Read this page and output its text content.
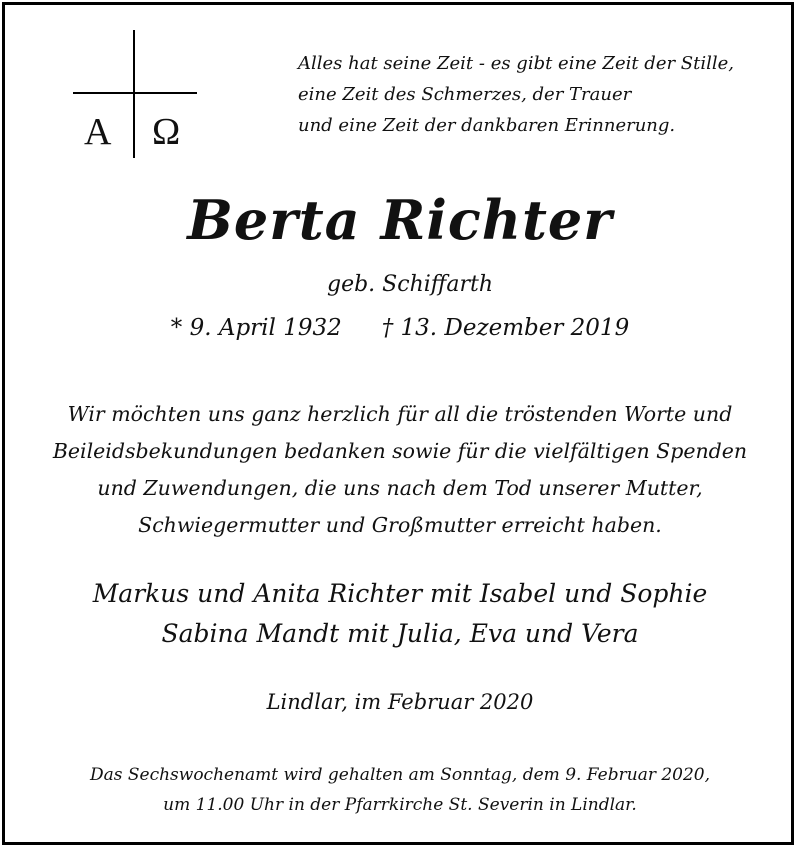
Α Ω
Alles hat seine Zeit - es gibt eine Zeit der Stille,
eine Zeit des Schmerzes, der Trauer
und eine Zeit der dankbaren Erinnerung.
Berta Richter
geb. Schiffarth
* 9. April 1932 † 13. Dezember 2019
Wir möchten uns ganz herzlich für all die tröstenden Worte und
Beileidsbekundungen bedanken sowie für die vielfältigen Spenden
und Zuwendungen, die uns nach dem Tod unserer Mutter,
Schwiegermutter und Großmutter erreicht haben.
Markus und Anita Richter mit Isabel und Sophie
Sabina Mandt mit Julia, Eva und Vera
Lindlar, im Februar 2020
Das Sechswochenamt wird gehalten am Sonntag, dem 9. Februar 2020,
um 11.00 Uhr in der Pfarrkirche St. Severin in Lindlar.
